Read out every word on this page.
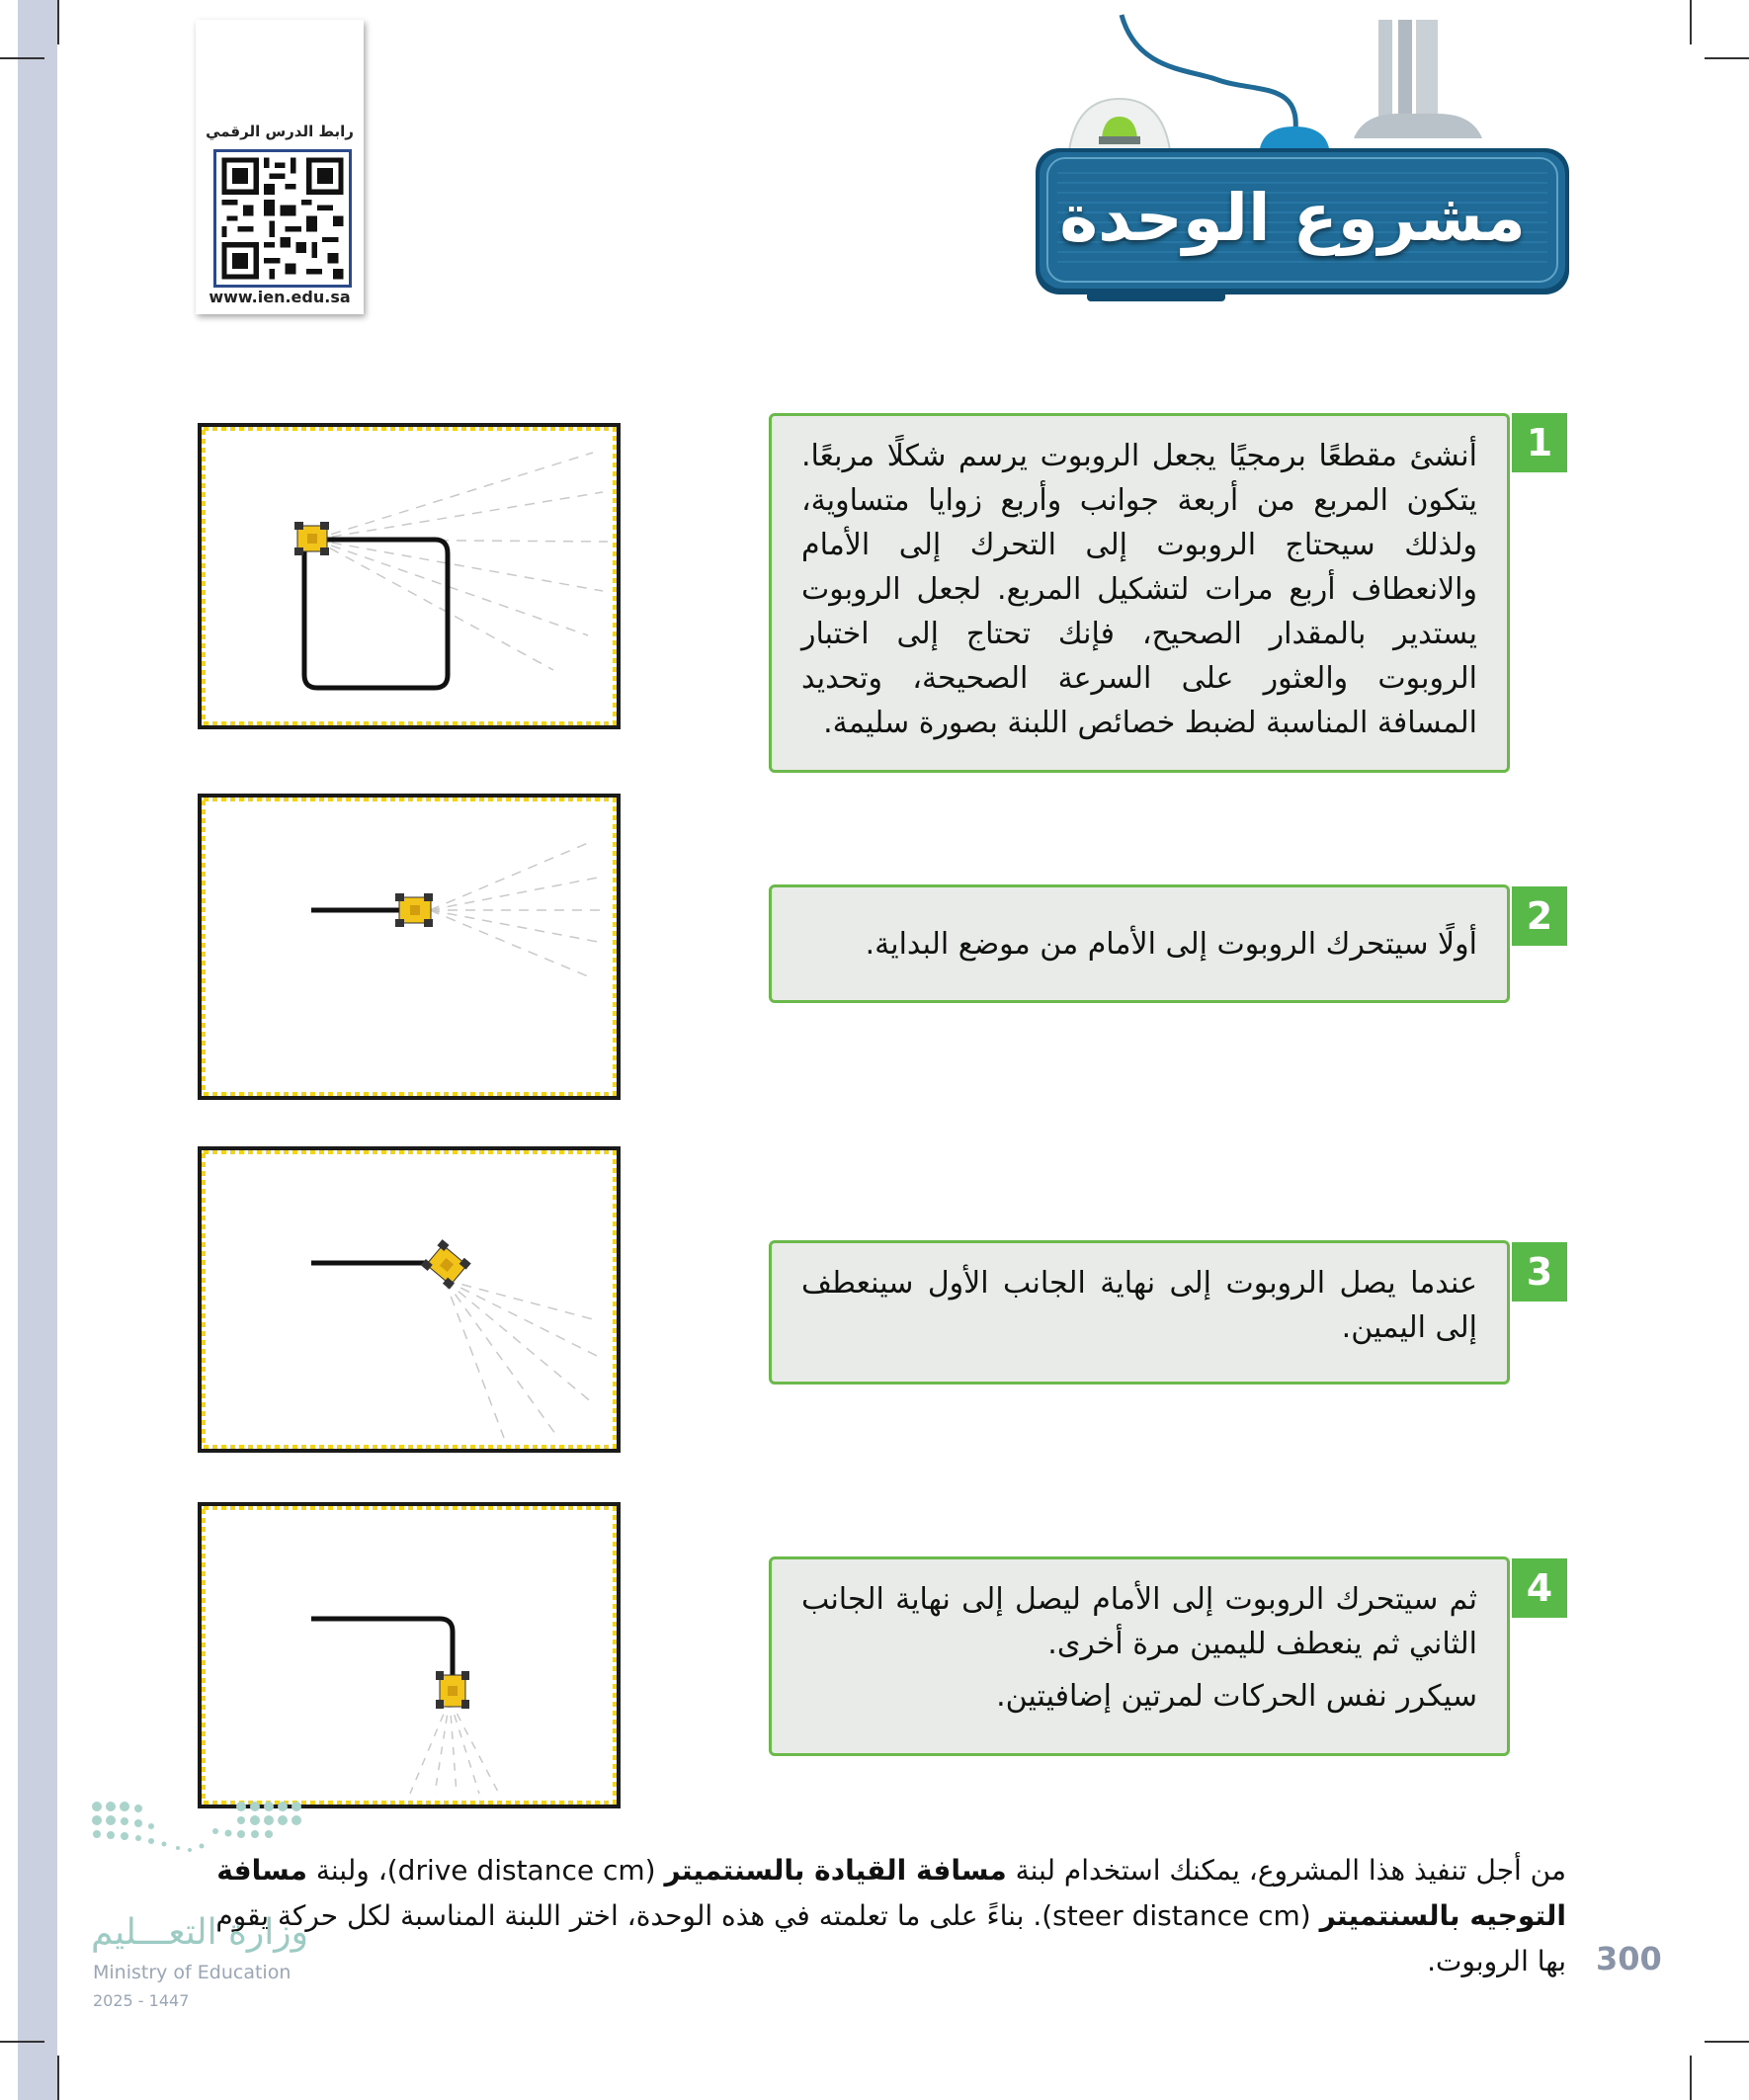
رابط الدرس الرقمي
www.ien.edu.sa
مشروع الوحدة

أنشئ مقطعًا برمجيًا يجعل الروبوت يرسم شكلًا مربعًا. يتكون المربع من أربعة جوانب وأربع زوايا متساوية، ولذلك سيحتاج الروبوت إلى التحرك إلى الأمام والانعطاف أربع مرات لتشكيل المربع. لجعل الروبوت يستدير بالمقدار الصحيح، فإنك تحتاج إلى اختبار الروبوت والعثور على السرعة الصحيحة، وتحديد المسافة المناسبة لضبط خصائص اللبنة بصورة سليمة.

1

أولًا سيتحرك الروبوت إلى الأمام من موضع البداية.

2

عندما يصل الروبوت إلى نهاية الجانب الأول سينعطف إلى اليمين.

3

ثم سيتحرك الروبوت إلى الأمام ليصل إلى نهاية الجانب الثاني ثم ينعطف لليمين مرة أخرى.

سيكرر نفس الحركات لمرتين إضافيتين.

4
من أجل تنفيذ هذا المشروع، يمكنك استخدام لبنة مسافة القيادة بالسنتميتر (drive distance cm)، ولبنة مسافة التوجيه بالسنتميتر (steer distance cm). بناءً على ما تعلمته في هذه الوحدة، اختر اللبنة المناسبة لكل حركة يقوم بها الروبوت.
وزارة التعـــليم
Ministry of Education
2025 - 1447
300
